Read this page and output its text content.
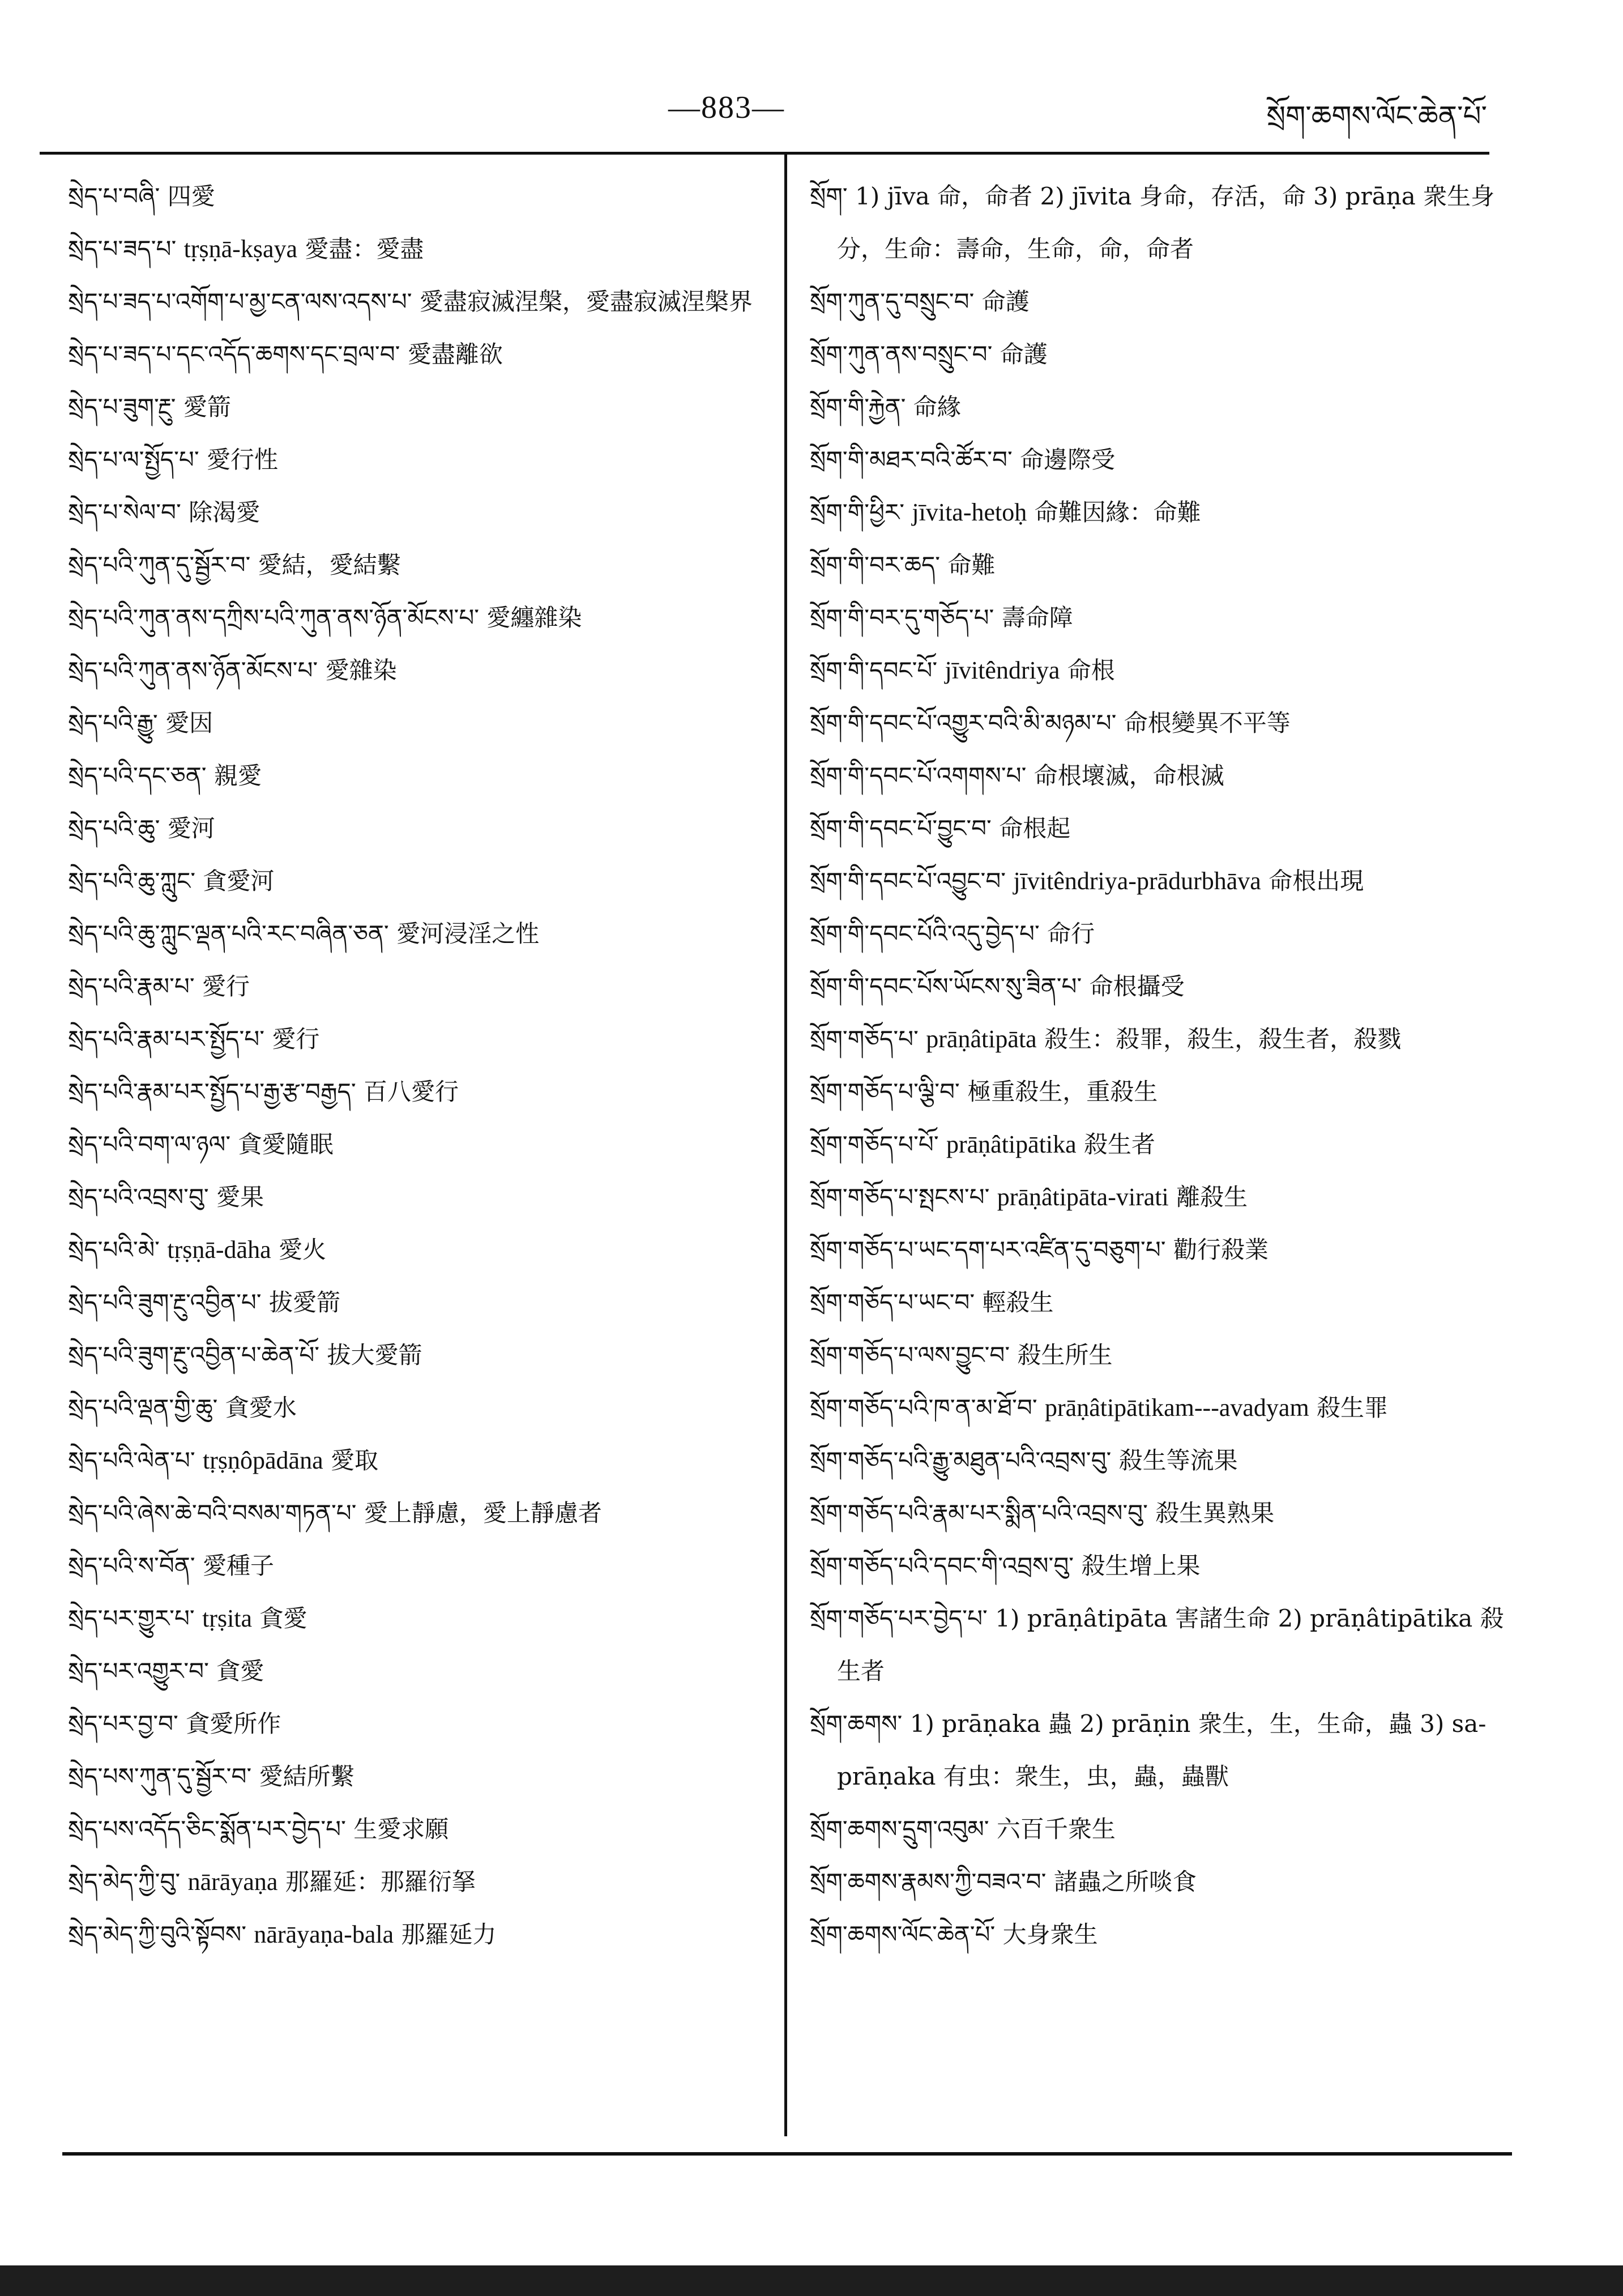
—883—	སྲོག་ཆགས་ལོང་ཆེན་པོ་
སྲེད་པ་བཞི་ 四愛
སྲེད་པ་ཟད་པ་ tṛṣṇā-kṣaya 愛盡：愛盡
སྲེད་པ་ཟད་པ་འགོག་པ་མྱ་ངན་ལས་འདས་པ་ 愛盡寂滅涅槃，愛盡寂滅涅槃界
སྲེད་པ་ཟད་པ་དང་འདོད་ཆགས་དང་བྲལ་བ་ 愛盡離欲
སྲེད་པ་ཟུག་རྔུ་ 愛箭
སྲེད་པ་ལ་སྤྱོད་པ་ 愛行性
སྲེད་པ་སེལ་བ་ 除渴愛
སྲེད་པའི་ཀུན་དུ་སྦྱོར་བ་ 愛結，愛結繫
སྲེད་པའི་ཀུན་ནས་དཀྲིས་པའི་ཀུན་ནས་ཉོན་མོངས་པ་ 愛纏雜染
སྲེད་པའི་ཀུན་ནས་ཉོན་མོངས་པ་ 愛雜染
སྲེད་པའི་རྒྱུ་ 愛因
སྲེད་པའི་དང་ཅན་ 親愛
སྲེད་པའི་ཆུ་ 愛河
སྲེད་པའི་ཆུ་ཀླུང་ 貪愛河
སྲེད་པའི་ཆུ་ཀླུང་ལྡན་པའི་རང་བཞིན་ཅན་ 愛河浸淫之性
སྲེད་པའི་རྣམ་པ་ 愛行
སྲེད་པའི་རྣམ་པར་སྤྱོད་པ་ 愛行
སྲེད་པའི་རྣམ་པར་སྤྱོད་པ་རྒྱ་རྩ་བརྒྱད་ 百八愛行
སྲེད་པའི་བག་ལ་ཉལ་ 貪愛隨眠
སྲེད་པའི་འབྲས་བུ་ 愛果
སྲེད་པའི་མེ་ tṛṣṇā-dāha 愛火
སྲེད་པའི་ཟུག་རྔུ་འབྱིན་པ་ 拔愛箭
སྲེད་པའི་ཟུག་རྔུ་འབྱིན་པ་ཆེན་པོ་ 拔大愛箭
སྲེད་པའི་ལྡན་གྱི་ཆུ་ 貪愛水
སྲེད་པའི་ལེན་པ་ tṛṣṇôpādāna 愛取
སྲེད་པའི་ཞེས་ཆེ་བའི་བསམ་གཏན་པ་ 愛上靜慮，愛上靜慮者
སྲེད་པའི་ས་བོན་ 愛種子
སྲེད་པར་གྱུར་པ་ tṛṣita 貪愛
སྲེད་པར་འགྱུར་བ་ 貪愛
སྲེད་པར་བྱ་བ་ 貪愛所作
སྲེད་པས་ཀུན་དུ་སྦྱོར་བ་ 愛結所繫
སྲེད་པས་འདོད་ཅིང་སྨོན་པར་བྱེད་པ་ 生愛求願
སྲེད་མེད་ཀྱི་བུ་ nārāyaṇa 那羅延：那羅衍拏
སྲེད་མེད་ཀྱི་བུའི་སྟོབས་ nārāyaṇa-bala 那羅延力
སྲོག་ 1) jīva 命，命者 2) jīvita 身命，存活，命 3) prāṇa 衆生身分，生命：壽命，生命，命，命者
སྲོག་ཀུན་དུ་བསྲུང་བ་ 命護
སྲོག་ཀུན་ནས་བསྲུང་བ་ 命護
སྲོག་གི་རྐྱེན་ 命緣
སྲོག་གི་མཐར་བའི་ཚོར་བ་ 命邊際受
སྲོག་གི་ཕྱིར་ jīvita-hetoḥ 命難因緣：命難
སྲོག་གི་བར་ཆད་ 命難
སྲོག་གི་བར་དུ་གཅོད་པ་ 壽命障
སྲོག་གི་དབང་པོ་ jīvitêndriya 命根
སྲོག་གི་དབང་པོ་འགྱུར་བའི་མི་མཉམ་པ་ 命根變異不平等
སྲོག་གི་དབང་པོ་འགགས་པ་ 命根壞滅，命根滅
སྲོག་གི་དབང་པོ་བྱུང་བ་ 命根起
སྲོག་གི་དབང་པོ་འབྱུང་བ་ jīvitêndriya-prādurbhāva 命根出現
སྲོག་གི་དབང་པོའི་འདུ་བྱེད་པ་ 命行
སྲོག་གི་དབང་པོས་ཡོངས་སུ་ཟིན་པ་ 命根攝受
སྲོག་གཅོད་པ་ prāṇâtipāta 殺生：殺罪，殺生，殺生者，殺戮
སྲོག་གཅོད་པ་ལྕི་བ་ 極重殺生，重殺生
སྲོག་གཅོད་པ་པོ་ prāṇâtipātika 殺生者
སྲོག་གཅོད་པ་སྤངས་པ་ prāṇâtipāta-virati 離殺生
སྲོག་གཅོད་པ་ཡང་དག་པར་འཛིན་དུ་བཅུག་པ་ 勸行殺業
སྲོག་གཅོད་པ་ཡང་བ་ 輕殺生
སྲོག་གཅོད་པ་ལས་བྱུང་བ་ 殺生所生
སྲོག་གཅོད་པའི་ཁ་ན་མ་ཐོ་བ་ prāṇâtipātikam---avadyam 殺生罪
སྲོག་གཅོད་པའི་རྒྱུ་མཐུན་པའི་འབྲས་བུ་ 殺生等流果
སྲོག་གཅོད་པའི་རྣམ་པར་སྨིན་པའི་འབྲས་བུ་ 殺生異熟果
སྲོག་གཅོད་པའི་དབང་གི་འབྲས་བུ་ 殺生增上果
སྲོག་གཅོད་པར་བྱེད་པ་ 1) prāṇâtipāta 害諸生命 2) prāṇâtipātika 殺生者
སྲོག་ཆགས་ 1) prāṇaka 蟲 2) prāṇin 衆生，生，生命，蟲 3) sa-prāṇaka 有虫：衆生，虫，蟲，蟲獸
སྲོག་ཆགས་དྲུག་འབུམ་ 六百千衆生
སྲོག་ཆགས་རྣམས་ཀྱི་བཟའ་བ་ 諸蟲之所啖食
སྲོག་ཆགས་ལོང་ཆེན་པོ་ 大身衆生
